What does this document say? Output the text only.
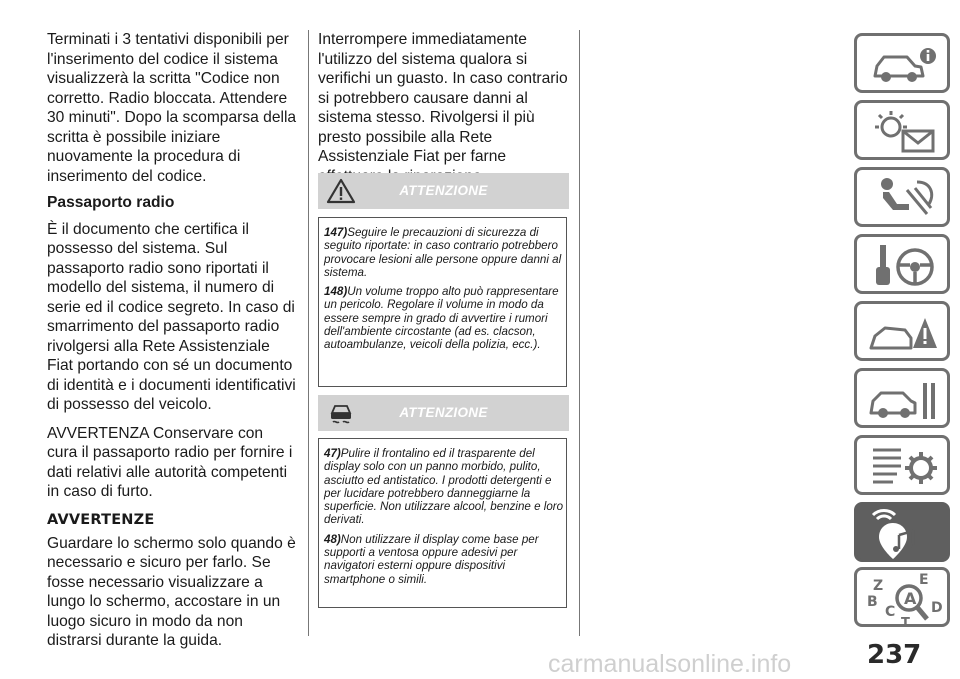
Terminati i 3 tentativi disponibili per l'inserimento del codice il sistema visualizzerà la scritta "Codice non corretto. Radio bloccata. Attendere 30 minuti". Dopo la scomparsa della scritta è possibile iniziare nuovamente la procedura di inserimento del codice.

Passaporto radio

È il documento che certifica il possesso del sistema. Sul passaporto radio sono riportati il modello del sistema, il numero di serie ed il codice segreto. In caso di smarrimento del passaporto radio rivolgersi alla Rete Assistenziale Fiat portando con sé un documento di identità e i documenti identificativi di possesso del veicolo.

AVVERTENZA Conservare con cura il passaporto radio per fornire i dati relativi alle autorità competenti in caso di furto.

AVVERTENZE

Guardare lo schermo solo quando è necessario e sicuro per farlo. Se fosse necessario visualizzare a lungo lo schermo, accostare in un luogo sicuro in modo da non distrarsi durante la guida.

Interrompere immediatamente l'utilizzo del sistema qualora si verifichi un guasto. In caso contrario si potrebbero causare danni al sistema stesso. Rivolgersi il più presto possibile alla Rete Assistenziale Fiat per farne

ATTENZIONE

147)Seguire le precauzioni di sicurezza di seguito riportate: in caso contrario potrebbero provocare lesioni alle persone oppure danni al sistema.

148)Un volume troppo alto può rappresentare un pericolo. Regolare il volume in modo da essere sempre in grado di avvertire i rumori dell'ambiente circostante (ad es. clacson, autoambulanze, veicoli della polizia, ecc.).

ATTENZIONE

47)Pulire il frontalino ed il trasparente del display solo con un panno morbido, pulito, asciutto ed antistatico. I prodotti detergenti e per lucidare potrebbero danneggiarne la superficie. Non utilizzare alcool, benzine e loro derivati.

48)Non utilizzare il display come base per supporti a ventosa oppure adesivi per navigatori esterni oppure dispositivi smartphone o simili.	Z	E
A
B
C	D
T
carmanualsonline.info	237
